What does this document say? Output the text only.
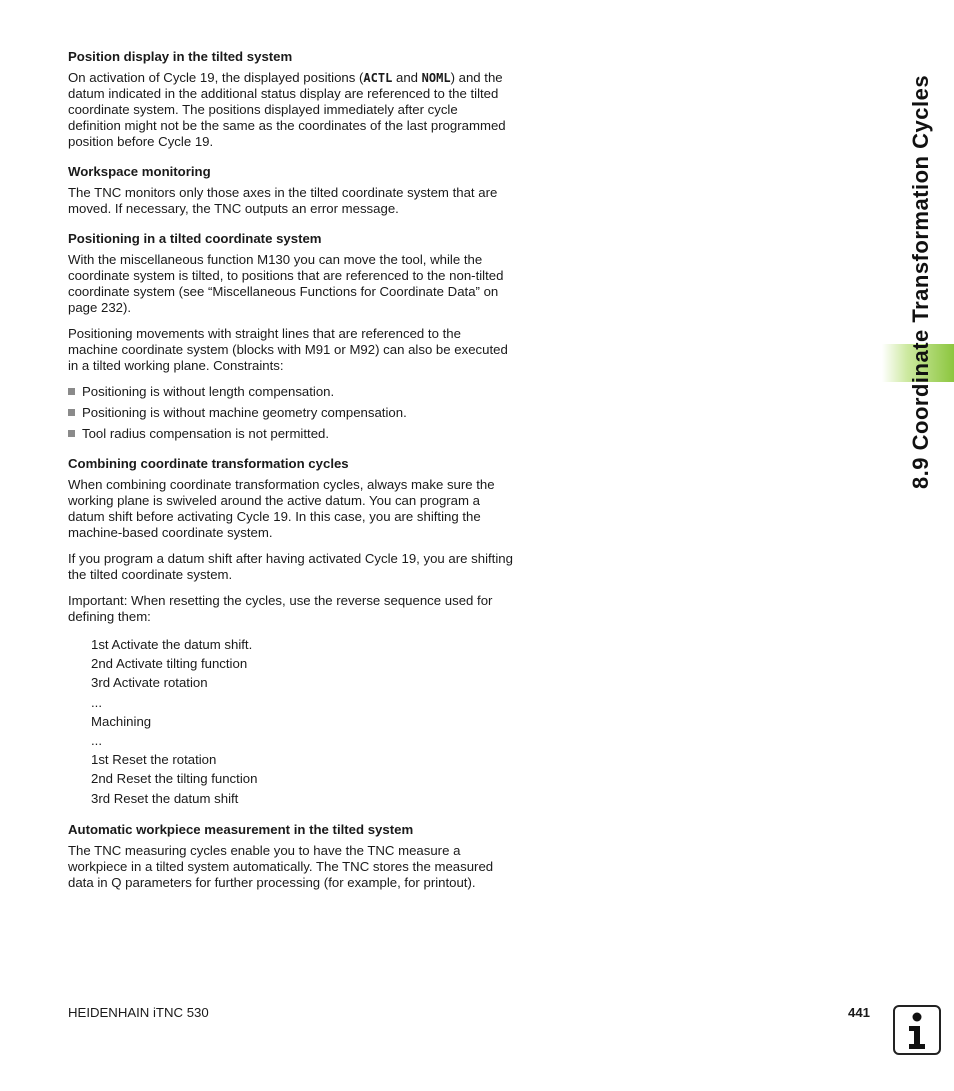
Position display in the tilted system

On activation of Cycle 19, the displayed positions (ACTL and NOML) and the datum indicated in the additional status display are referenced to the tilted coordinate system. The positions displayed immediately after cycle definition might not be the same as the coordinates of the last programmed position before Cycle 19.

Workspace monitoring

The TNC monitors only those axes in the tilted coordinate system that are moved. If necessary, the TNC outputs an error message.

Positioning in a tilted coordinate system

With the miscellaneous function M130 you can move the tool, while the coordinate system is tilted, to positions that are referenced to the non-tilted coordinate system (see “Miscellaneous Functions for Coordinate Data” on page 232).

Positioning movements with straight lines that are referenced to the machine coordinate system (blocks with M91 or M92) can also be executed in a tilted working plane. Constraints:

Positioning is without length compensation.
Positioning is without machine geometry compensation.
Tool radius compensation is not permitted.
Combining coordinate transformation cycles

When combining coordinate transformation cycles, always make sure the working plane is swiveled around the active datum. You can program a datum shift before activating Cycle 19. In this case, you are shifting the machine-based coordinate system.

If you program a datum shift after having activated Cycle 19, you are shifting the tilted coordinate system.

Important: When resetting the cycles, use the reverse sequence used for defining them:

1st Activate the datum shift.
2nd Activate tilting function
3rd Activate rotation
...
Machining
...
1st Reset the rotation
2nd Reset the tilting function
3rd Reset the datum shift
Automatic workpiece measurement in the tilted system

The TNC measuring cycles enable you to have the TNC measure a workpiece in a tilted system automatically. The TNC stores the measured data in Q parameters for further processing (for example, for printout).

8.9 Coordinate Transformation Cycles
HEIDENHAIN iTNC 530	441
